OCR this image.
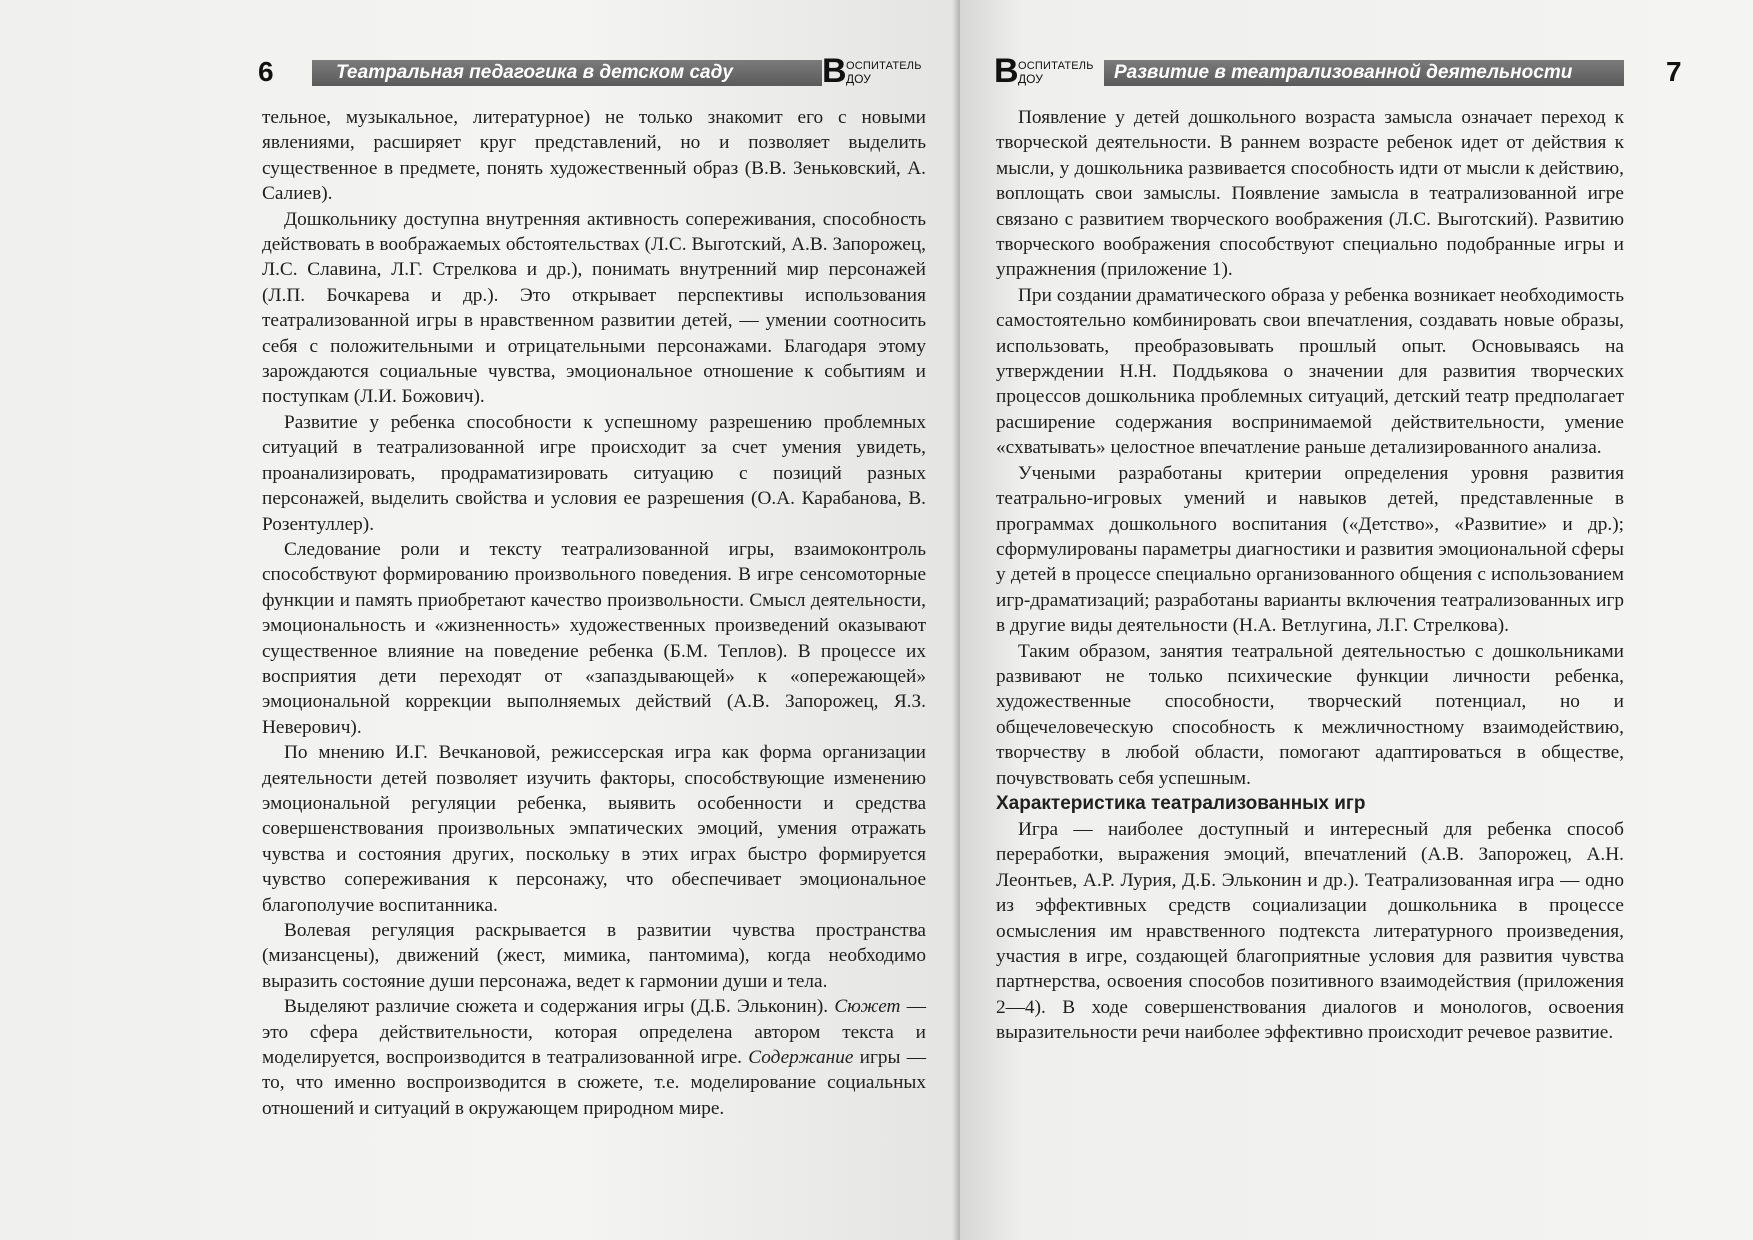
6	Театральная педагогика в детском саду	В ОСПИТАТЕЛЬ
ДОУ

тельное, музыкальное, литературное) не только знакомит его с новыми явлениями, расширяет круг представлений, но и позволяет выделить существенное в предмете, понять художественный образ (В.В. Зеньковский, А. Салиев).

Дошкольнику доступна внутренняя активность сопереживания, способность действовать в воображаемых обстоятельствах (Л.С. Выготский, А.В. Запорожец, Л.С. Славина, Л.Г. Стрелкова и др.), понимать внутренний мир персонажей (Л.П. Бочкарева и др.). Это открывает перспективы использования театрализованной игры в нравственном развитии детей, — умении соотносить себя с положительными и отрицательными персонажами. Благодаря этому зарождаются социальные чувства, эмоциональное отношение к событиям и поступкам (Л.И. Божович).

Развитие у ребенка способности к успешному разрешению проблемных ситуаций в театрализованной игре происходит за счет умения увидеть, проанализировать, продраматизировать ситуацию с позиций разных персонажей, выделить свойства и условия ее разрешения (О.А. Карабанова, В. Розентуллер).

Следование роли и тексту театрализованной игры, взаимоконтроль способствуют формированию произвольного поведения. В игре сенсомоторные функции и память приобретают качество произвольности. Смысл деятельности, эмоциональность и «жизненность» художественных произведений оказывают существенное влияние на поведение ребенка (Б.М. Теплов). В процессе их восприятия дети переходят от «запаздывающей» к «опережающей» эмоциональной коррекции выполняемых действий (А.В. Запорожец, Я.З. Неверович).

По мнению И.Г. Вечкановой, режиссерская игра как форма организации деятельности детей позволяет изучить факторы, способствующие изменению эмоциональной регуляции ребенка, выявить особенности и средства совершенствования произвольных эмпатических эмоций, умения отражать чувства и состояния других, поскольку в этих играх быстро формируется чувство сопереживания к персонажу, что обеспечивает эмоциональное благополучие воспитанника.

Волевая регуляция раскрывается в развитии чувства пространства (мизансцены), движений (жест, мимика, пантомима), когда необходимо выразить состояние души персонажа, ведет к гармонии души и тела.

Выделяют различие сюжета и содержания игры (Д.Б. Эльконин). Сюжет — это сфера действительности, которая определена автором текста и моделируется, воспроизводится в театрализованной игре. Содержание игры — то, что именно воспроизводится в сюжете, т.е. моделирование социальных отношений и ситуаций в окружающем природном мире.

В ОСПИТАТЕЛЬ
ДОУ	Развитие в театрализованной деятельности	7

Появление у детей дошкольного возраста замысла означает переход к творческой деятельности. В раннем возрасте ребенок идет от действия к мысли, у дошкольника развивается способность идти от мысли к действию, воплощать свои замыслы. Появление замысла в театрализованной игре связано с развитием творческого воображения (Л.С. Выготский). Развитию творческого воображения способствуют специально подобранные игры и упражнения (приложение 1).

При создании драматического образа у ребенка возникает необходимость самостоятельно комбинировать свои впечатления, создавать новые образы, использовать, преобразовывать прошлый опыт. Основываясь на утверждении Н.Н. Поддьякова о значении для развития творческих процессов дошкольника проблемных ситуаций, детский театр предполагает расширение содержания воспринимаемой действительности, умение «схватывать» целостное впечатление раньше детализированного анализа.

Учеными разработаны критерии определения уровня развития театрально-игровых умений и навыков детей, представленные в программах дошкольного воспитания («Детство», «Развитие» и др.); сформулированы параметры диагностики и развития эмоциональной сферы у детей в процессе специально организованного общения с использованием игр-драматизаций; разработаны варианты включения театрализованных игр в другие виды деятельности (Н.А. Ветлугина, Л.Г. Стрелкова).

Таким образом, занятия театральной деятельностью с дошкольниками развивают не только психические функции личности ребенка, художественные способности, творческий потенциал, но и общечеловеческую способность к межличностному взаимодействию, творчеству в любой области, помогают адаптироваться в обществе, почувствовать себя успешным.

Характеристика театрализованных игр

Игра — наиболее доступный и интересный для ребенка способ переработки, выражения эмоций, впечатлений (А.В. Запорожец, А.Н. Леонтьев, А.Р. Лурия, Д.Б. Эльконин и др.). Театрализованная игра — одно из эффективных средств социализации дошкольника в процессе осмысления им нравственного подтекста литературного произведения, участия в игре, создающей благоприятные условия для развития чувства партнерства, освоения способов позитивного взаимодействия (приложения 2—4). В ходе совершенствования диалогов и монологов, освоения выразительности речи наиболее эффективно происходит речевое развитие.
